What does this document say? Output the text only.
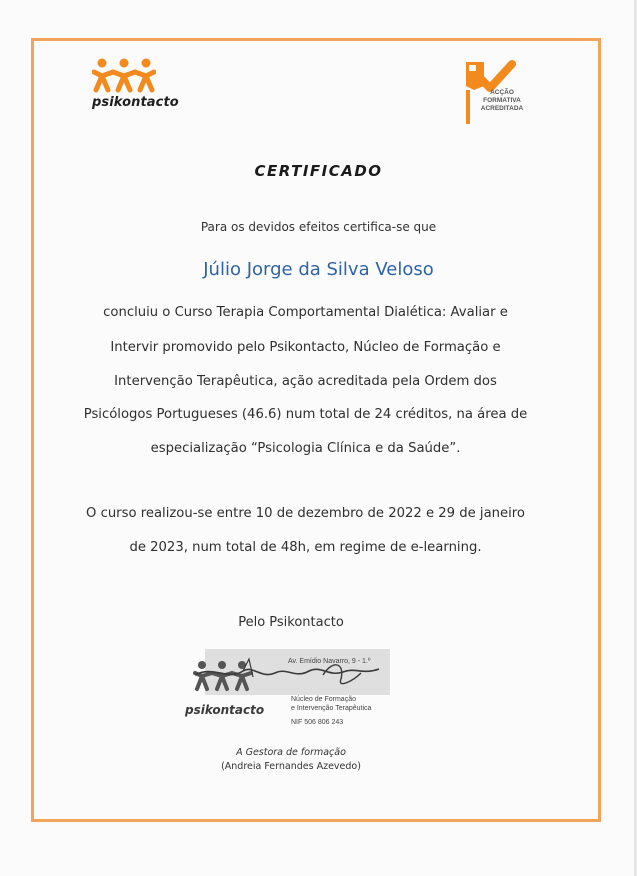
psikontacto
ACÇÃO
FORMATIVA
ACREDITADA
CERTIFICADO
Para os devidos efeitos certifica-se que
Júlio Jorge da Silva Veloso
concluiu o Curso Terapia Comportamental Dialética: Avaliar e
Intervir promovido pelo Psikontacto, Núcleo de Formação e
Intervenção Terapêutica, ação acreditada pela Ordem dos
Psicólogos Portugueses (46.6) num total de 24 créditos, na área de
especialização “Psicologia Clínica e da Saúde”.
O curso realizou-se entre 10 de dezembro de 2022 e 29 de janeiro
de 2023, num total de 48h, em regime de e-learning.
Pelo Psikontacto
Av. Emídio Navarro, 9 - 1.º
psikontacto
Núcleo de Formação
e Intervenção Terapêutica
NIF 506 806 243
A Gestora de formação
(Andreia Fernandes Azevedo)
